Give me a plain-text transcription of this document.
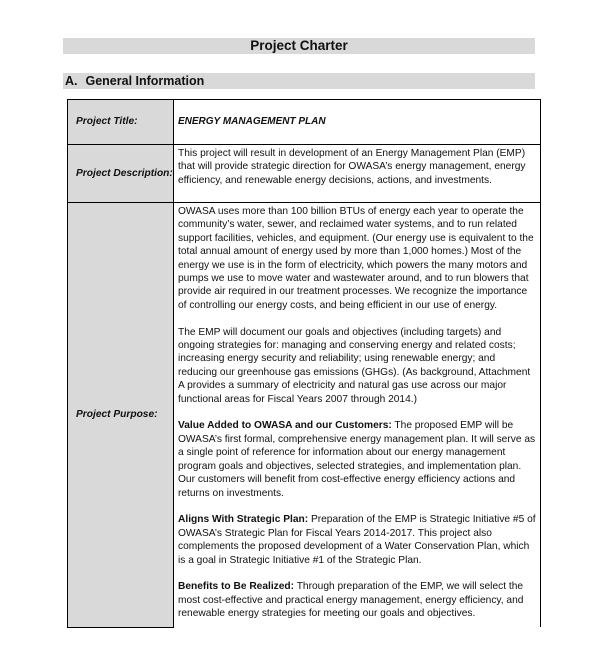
Project Charter
A. General Information
Project Title:	ENERGY MANAGEMENT PLAN
Project Description:	This project will result in development of an Energy Management Plan (EMP) that will provide strategic direction for OWASA’s energy management, energy efficiency, and renewable energy decisions, actions, and investments.
Project Purpose:	OWASA uses more than 100 billion BTUs of energy each year to operate the community’s water, sewer, and reclaimed water systems, and to run related support facilities, vehicles, and equipment. (Our energy use is equivalent to the total annual amount of energy used by more than 1,000 homes.) Most of the energy we use is in the form of electricity, which powers the many motors and pumps we use to move water and wastewater around, and to run blowers that provide air required in our treatment processes. We recognize the importance of controlling our energy costs, and being efficient in our use of energy.

The EMP will document our goals and objectives (including targets) and ongoing strategies for: managing and conserving energy and related costs; increasing energy security and reliability; using renewable energy; and reducing our greenhouse gas emissions (GHGs). (As background, Attachment A provides a summary of electricity and natural gas use across our major functional areas for Fiscal Years 2007 through 2014.)

Value Added to OWASA and our Customers: The proposed EMP will be OWASA’s first formal, comprehensive energy management plan. It will serve as a single point of reference for information about our energy management program goals and objectives, selected strategies, and implementation plan. Our customers will benefit from cost-effective energy efficiency actions and returns on investments.

Aligns With Strategic Plan: Preparation of the EMP is Strategic Initiative #5 of OWASA’s Strategic Plan for Fiscal Years 2014-2017. This project also complements the proposed development of a Water Conservation Plan, which is a goal in Strategic Initiative #1 of the Strategic Plan.

Benefits to Be Realized: Through preparation of the EMP, we will select the most cost-effective and practical energy management, energy efficiency, and renewable energy strategies for meeting our goals and objectives.
